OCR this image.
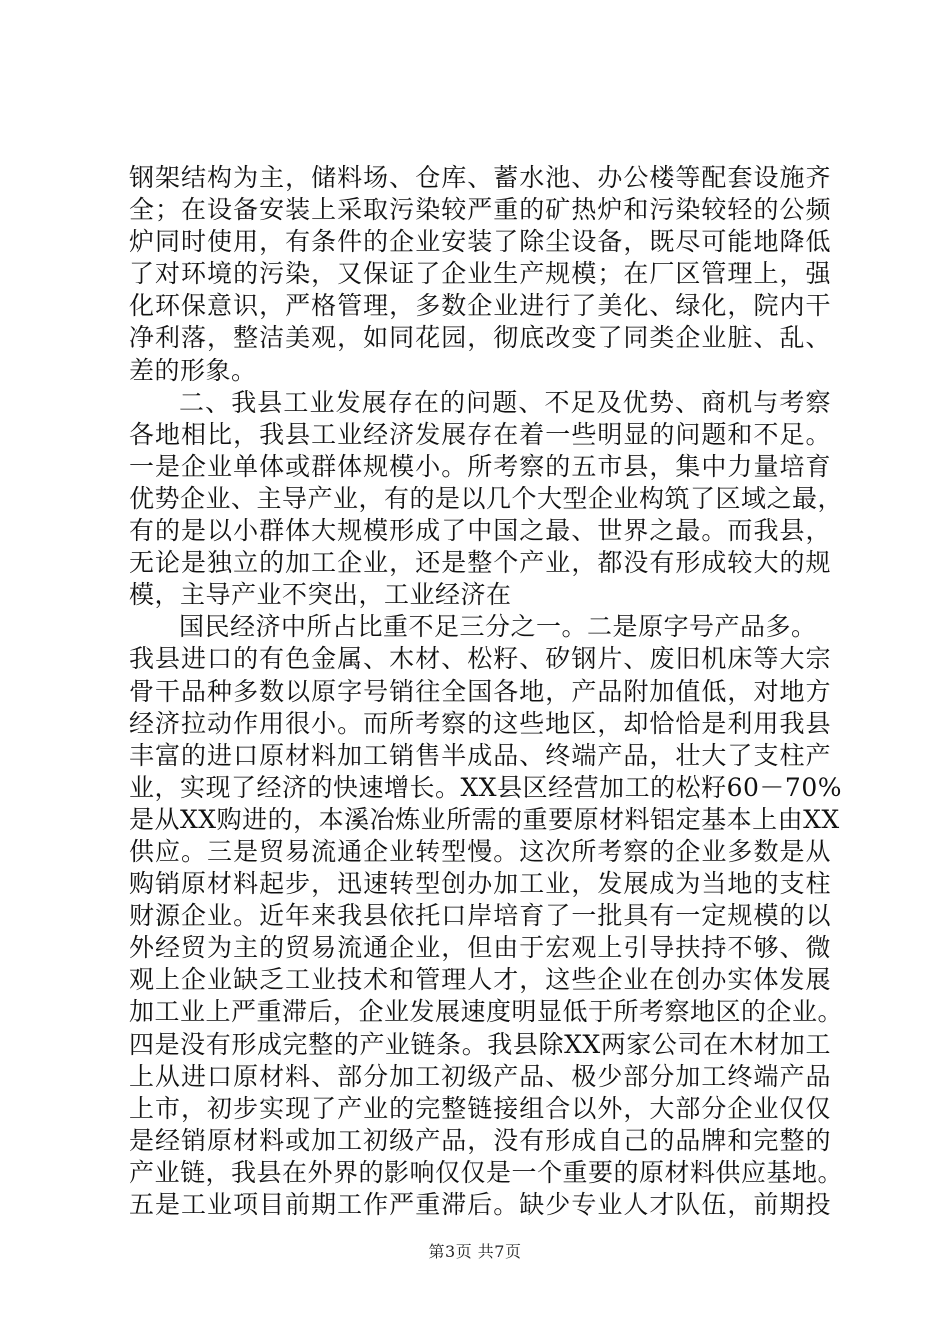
钢架结构为主，储料场、仓库、蓄水池、办公楼等配套设施齐
全；在设备安装上采取污染较严重的矿热炉和污染较轻的公频
炉同时使用，有条件的企业安装了除尘设备，既尽可能地降低
了对环境的污染，又保证了企业生产规模；在厂区管理上，强
化环保意识，严格管理，多数企业进行了美化、绿化，院内干
净利落，整洁美观，如同花园，彻底改变了同类企业脏、乱、
差的形象。
二、我县工业发展存在的问题、不足及优势、商机与考察
各地相比，我县工业经济发展存在着一些明显的问题和不足。
一是企业单体或群体规模小。所考察的五市县，集中力量培育
优势企业、主导产业，有的是以几个大型企业构筑了区域之最，
有的是以小群体大规模形成了中国之最、世界之最。而我县，
无论是独立的加工企业，还是整个产业，都没有形成较大的规
模，主导产业不突出，工业经济在
国民经济中所占比重不足三分之一。二是原字号产品多。
我县进口的有色金属、木材、松籽、矽钢片、废旧机床等大宗
骨干品种多数以原字号销往全国各地，产品附加值低，对地方
经济拉动作用很小。而所考察的这些地区，却恰恰是利用我县
丰富的进口原材料加工销售半成品、终端产品，壮大了支柱产
业，实现了经济的快速增长。XX县区经营加工的松籽60－70%
是从XX购进的，本溪冶炼业所需的重要原材料铝定基本上由XX
供应。三是贸易流通企业转型慢。这次所考察的企业多数是从
购销原材料起步，迅速转型创办加工业，发展成为当地的支柱
财源企业。近年来我县依托口岸培育了一批具有一定规模的以
外经贸为主的贸易流通企业，但由于宏观上引导扶持不够、微
观上企业缺乏工业技术和管理人才，这些企业在创办实体发展
加工业上严重滞后，企业发展速度明显低于所考察地区的企业。
四是没有形成完整的产业链条。我县除XX两家公司在木材加工
上从进口原材料、部分加工初级产品、极少部分加工终端产品
上市，初步实现了产业的完整链接组合以外，大部分企业仅仅
是经销原材料或加工初级产品，没有形成自己的品牌和完整的
产业链，我县在外界的影响仅仅是一个重要的原材料供应基地。
五是工业项目前期工作严重滞后。缺少专业人才队伍，前期投
第3页 共7页
